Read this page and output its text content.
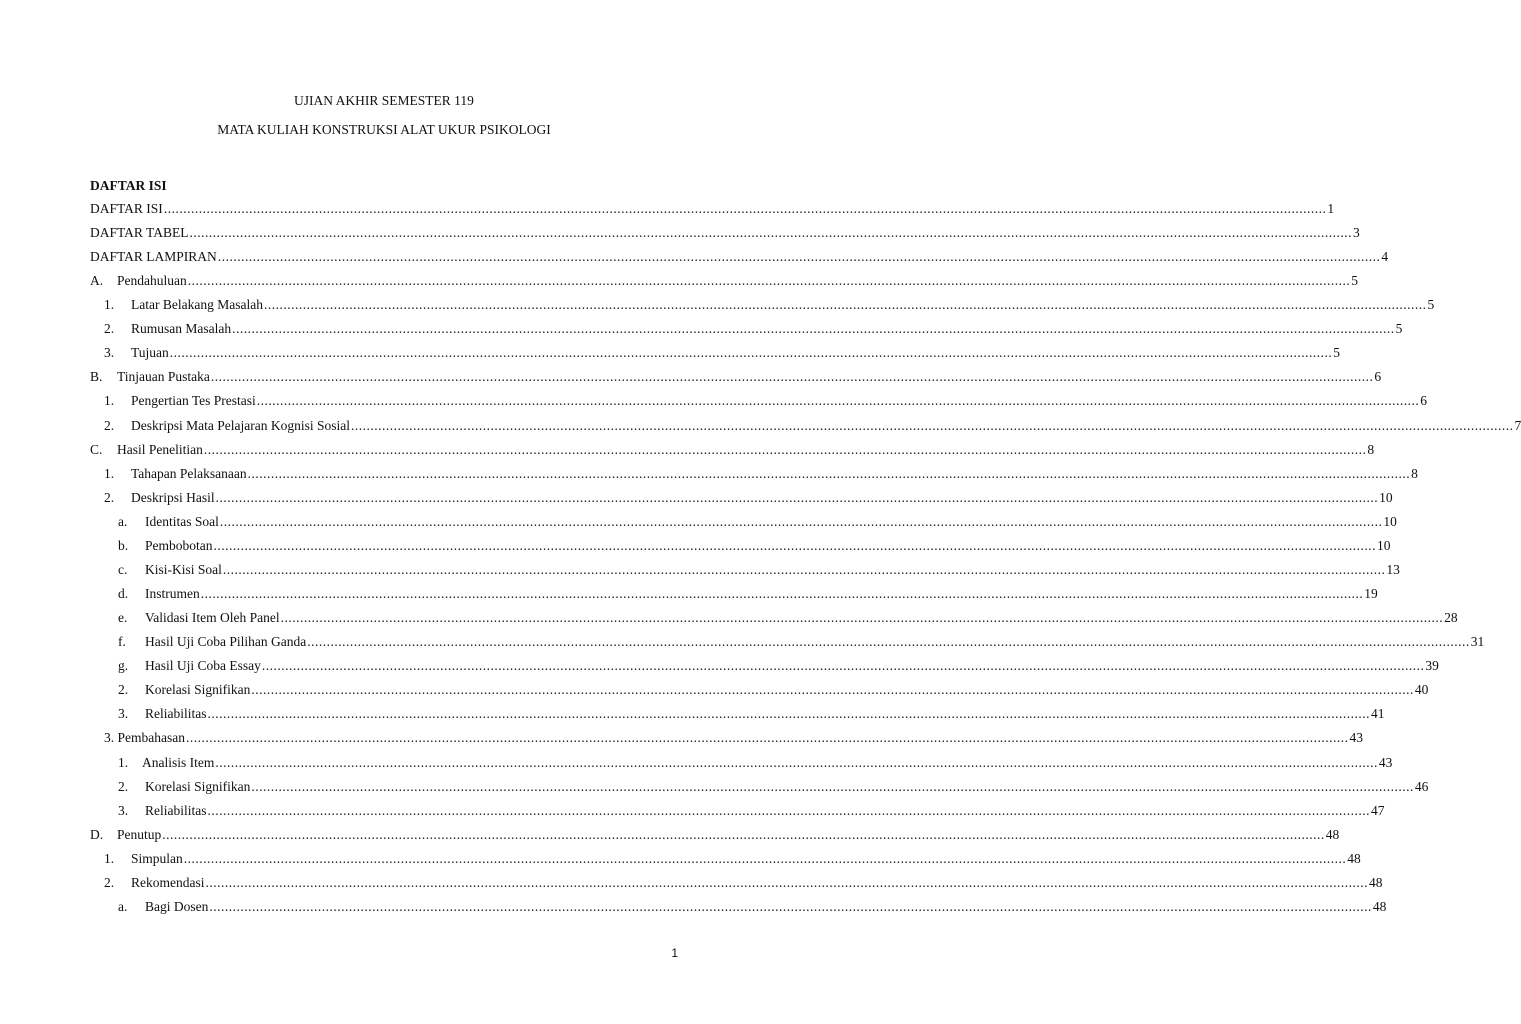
UJIAN AKHIR SEMESTER 119
MATA KULIAH KONSTRUKSI ALAT UKUR PSIKOLOGI
DAFTAR ISI
DAFTAR ISI ............................................................................................................................................................................................................................................................................................................ 1
DAFTAR TABEL ............................................................................................................................................................................................................................................................................................................ 3
DAFTAR LAMPIRAN ............................................................................................................................................................................................................................................................................................................ 4
A.	Pendahuluan ............................................................................................................................................................................................................................................................................................................ 5
1.	Latar Belakang Masalah ............................................................................................................................................................................................................................................................................................................ 5
2.	Rumusan Masalah ............................................................................................................................................................................................................................................................................................................ 5
3.	Tujuan ............................................................................................................................................................................................................................................................................................................ 5
B.	Tinjauan Pustaka ............................................................................................................................................................................................................................................................................................................ 6
1.	Pengertian Tes Prestasi ............................................................................................................................................................................................................................................................................................................ 6
2.	Deskripsi Mata Pelajaran Kognisi Sosial ............................................................................................................................................................................................................................................................................................................ 7
C.	Hasil Penelitian ............................................................................................................................................................................................................................................................................................................ 8
1.	Tahapan Pelaksanaan ............................................................................................................................................................................................................................................................................................................ 8
2.	Deskripsi Hasil ............................................................................................................................................................................................................................................................................................................ 10
a.	Identitas Soal ............................................................................................................................................................................................................................................................................................................ 10
b.	Pembobotan ............................................................................................................................................................................................................................................................................................................ 10
c.	Kisi-Kisi Soal ............................................................................................................................................................................................................................................................................................................ 13
d.	Instrumen ............................................................................................................................................................................................................................................................................................................ 19
e.	Validasi Item Oleh Panel ............................................................................................................................................................................................................................................................................................................ 28
f.	Hasil Uji Coba Pilihan Ganda ............................................................................................................................................................................................................................................................................................................ 31
g.	Hasil Uji Coba Essay ............................................................................................................................................................................................................................................................................................................ 39
2.	Korelasi Signifikan ............................................................................................................................................................................................................................................................................................................ 40
3.	Reliabilitas ............................................................................................................................................................................................................................................................................................................ 41
3. Pembahasan ............................................................................................................................................................................................................................................................................................................ 43
1.	Analisis Item ............................................................................................................................................................................................................................................................................................................ 43
2.	Korelasi Signifikan ............................................................................................................................................................................................................................................................................................................ 46
3.	Reliabilitas ............................................................................................................................................................................................................................................................................................................ 47
D.	Penutup ............................................................................................................................................................................................................................................................................................................ 48
1.	Simpulan ............................................................................................................................................................................................................................................................................................................ 48
2.	Rekomendasi ............................................................................................................................................................................................................................................................................................................ 48
a.	Bagi Dosen ............................................................................................................................................................................................................................................................................................................ 48
1
